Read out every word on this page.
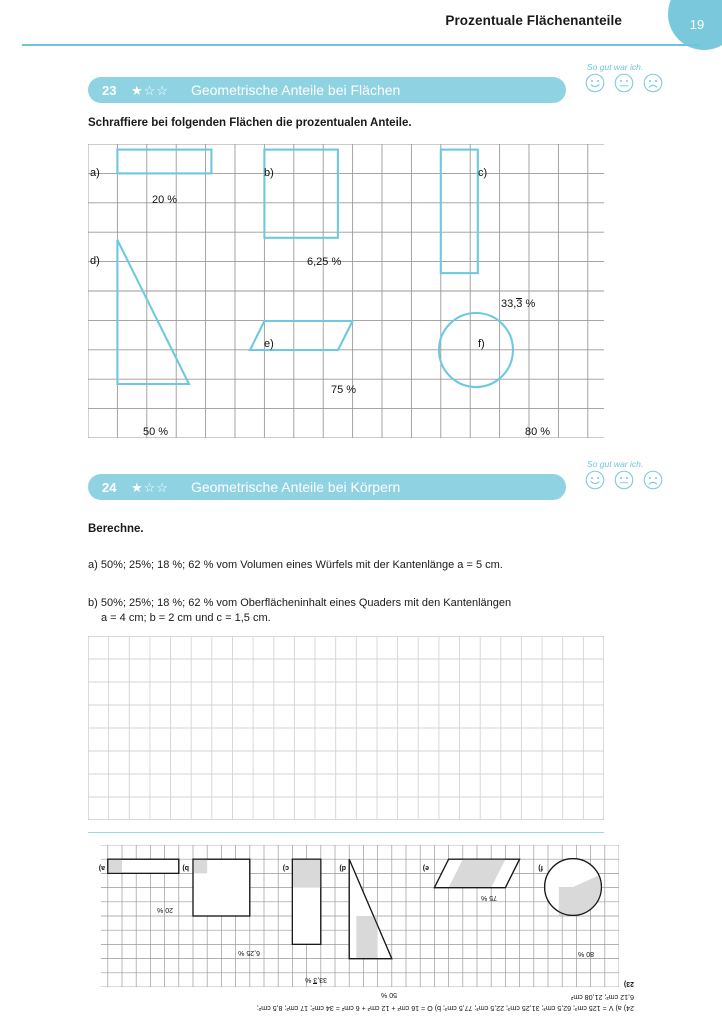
Prozentuale Flächenanteile	19
23	★☆☆ Geometrische Anteile bei Flächen
So gut war ich.
Schraffiere bei folgenden Flächen die prozentualen Anteile.
a)	b)	c)
d)
e)	f)
20 %
6,25 %
33,3 %
50 %
75 %
80 %
24	★☆☆ Geometrische Anteile bei Körpern
So gut war ich.
Berechne.
a) 50%; 25%; 18 %; 62 % vom Volumen eines Würfels mit der Kantenlänge a = 5 cm.
b) 50%; 25%; 18 %; 62 % vom Oberflächeninhalt eines Quaders mit den Kantenlängen
a = 4 cm; b = 2 cm und c = 1,5 cm.
24) a) V = 125 cm³; 62,5 cm³; 31,25 cm³; 22,5 cm³; 77,5 cm³; b) O = 16 cm² + 12 cm² + 6 cm² = 34 cm²; 17 cm²; 8,5 cm²;
6,12 cm²; 21,08 cm²
23)
f)
e)
d)
c)
b)
a)
80 %
75 %
50 %
33,3 %
6,25 %
20 %
